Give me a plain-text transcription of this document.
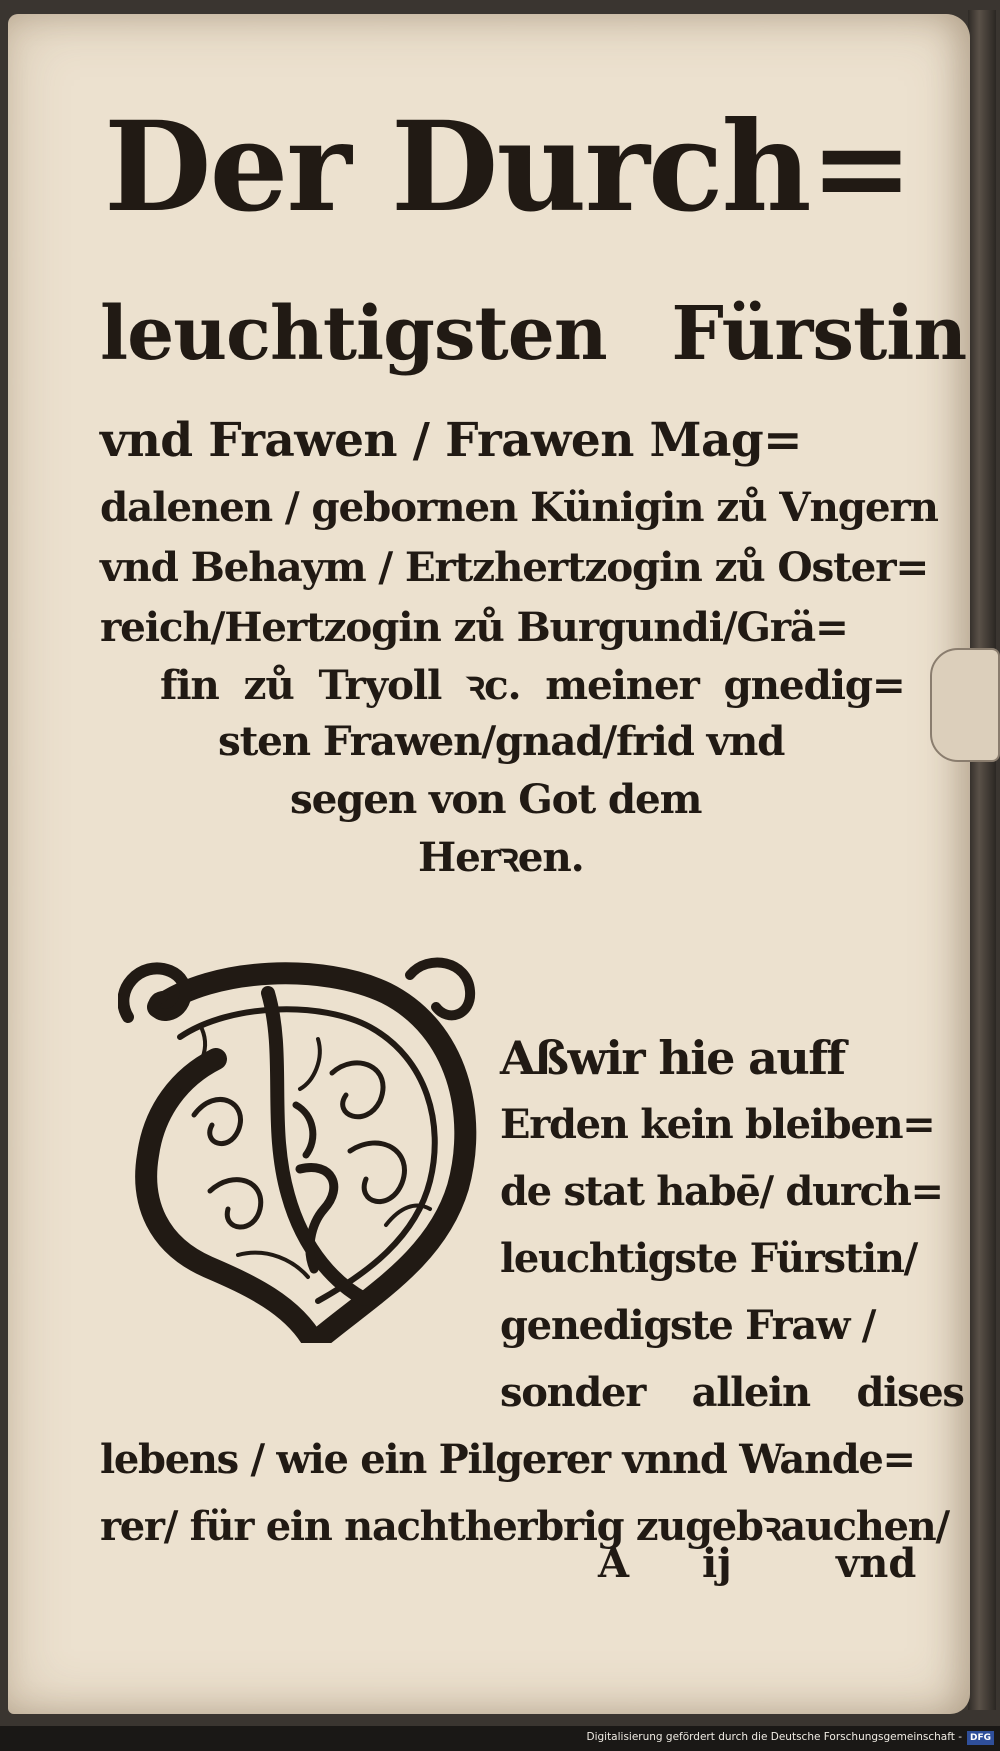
Der Durch=

leuchtigsten Fürstin

vnd Frawen / Frawen Mag=

dalenen / gebornen Künigin zů Vngern

vnd Behaym / Ertzhertzogin zů Oster=

reich/Hertzogin zů Burgundi/Grä=

fin zů Tryoll ꝛc. meiner gnedig=

sten Frawen/gnad/frid vnd

segen von Got dem

Herꝛen.

Aßwir hie auff

Erden kein bleiben=

de stat habē/ durch=

leuchtigste Fürstin/

genedigste Fraw /

sonder allein dises

lebens / wie ein Pilgerer vnnd Wande=

rer/ für ein nachtherbrig zugebꝛauchen/

A ij	vnd
Digitalisierung gefördert durch die Deutsche Forschungsgemeinschaft - DFG
